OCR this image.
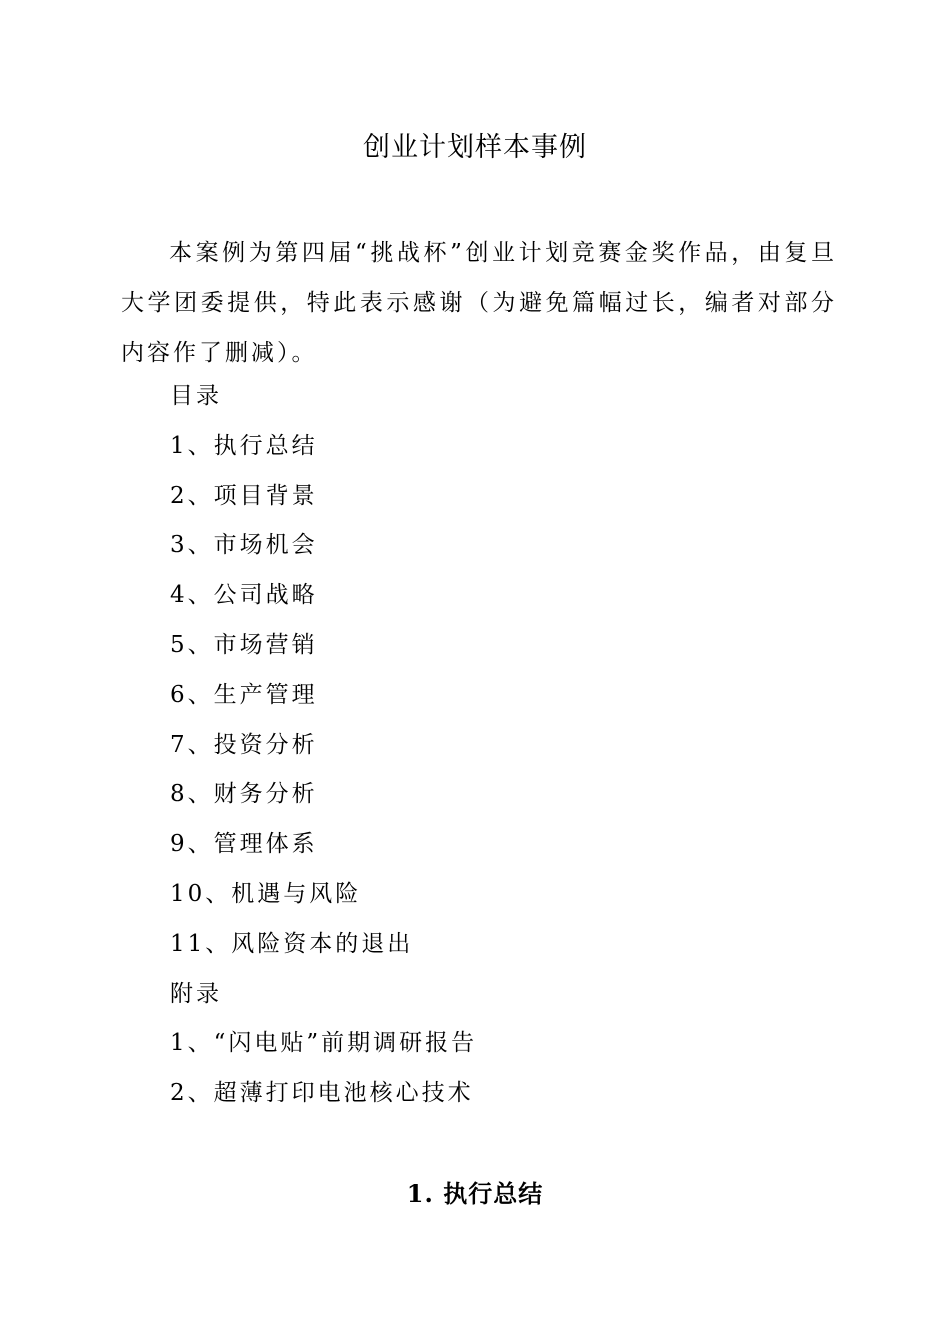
创业计划样本事例

本案例为第四届“挑战杯”创业计划竞赛金奖作品，由复旦大学团委提供，特此表示感谢（为避免篇幅过长，编者对部分内容作了删减）。

目录
1、执行总结
2、项目背景
3、市场机会
4、公司战略
5、市场营销
6、生产管理
7、投资分析
8、财务分析
9、管理体系
10、机遇与风险
11、风险资本的退出
附录
1、“闪电贴”前期调研报告
2、超薄打印电池核心技术
1. 执行总结
